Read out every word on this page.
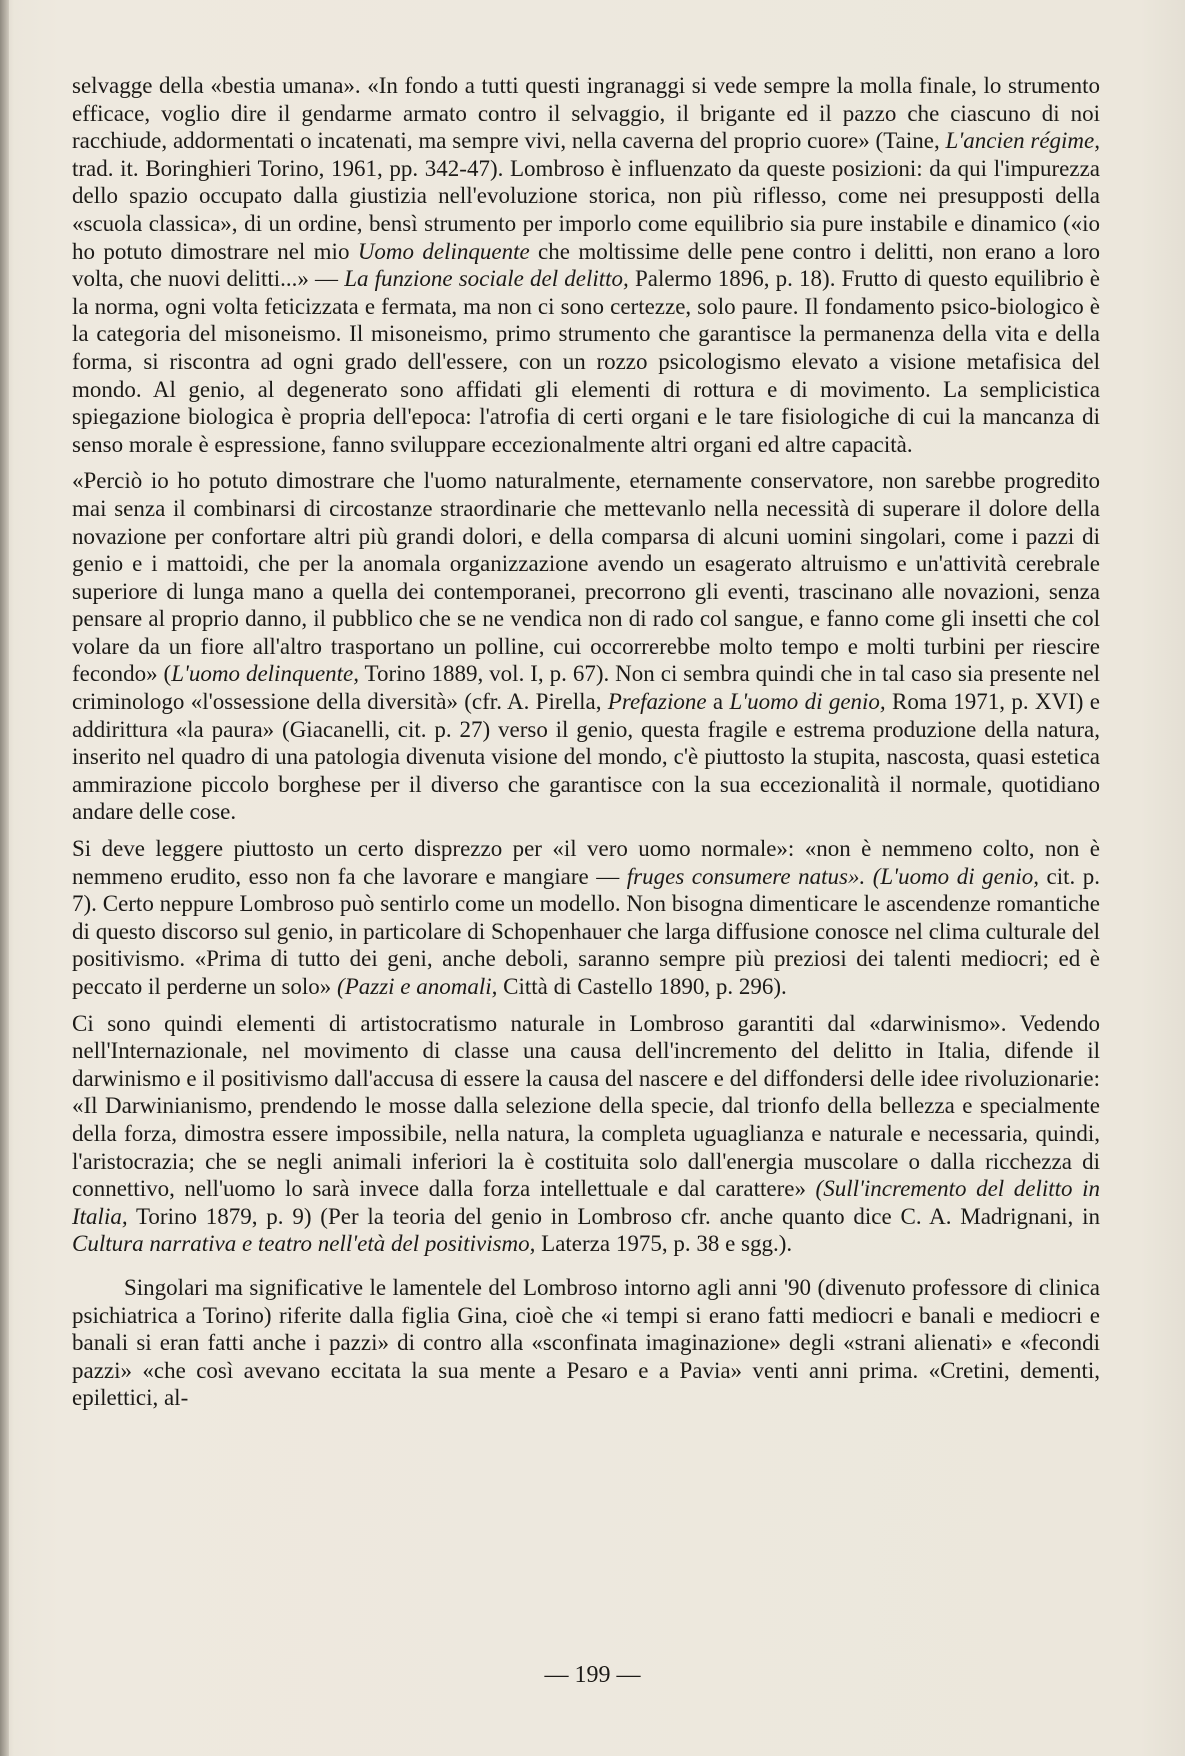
selvagge della «bestia umana». «In fondo a tutti questi ingranaggi si vede sempre la molla finale, lo strumento efficace, voglio dire il gendarme armato contro il selvaggio, il brigante ed il pazzo che ciascuno di noi racchiude, addormentati o incatenati, ma sempre vivi, nella caverna del proprio cuore» (Taine, L'ancien régime, trad. it. Boringhieri Torino, 1961, pp. 342-47). Lombroso è influenzato da queste posizioni: da qui l'impurezza dello spazio occupato dalla giustizia nell'evoluzione storica, non più riflesso, come nei presupposti della «scuola classica», di un ordine, bensì strumento per imporlo come equilibrio sia pure instabile e dinamico («io ho potuto dimostrare nel mio Uomo delinquente che moltissime delle pene contro i delitti, non erano a loro volta, che nuovi delitti...» — La funzione sociale del delitto, Palermo 1896, p. 18). Frutto di questo equilibrio è la norma, ogni volta feticizzata e fermata, ma non ci sono certezze, solo paure. Il fondamento psico-biologico è la categoria del misoneismo. Il misoneismo, primo strumento che garantisce la permanenza della vita e della forma, si riscontra ad ogni grado dell'essere, con un rozzo psicologismo elevato a visione metafisica del mondo. Al genio, al degenerato sono affidati gli elementi di rottura e di movimento. La semplicistica spiegazione biologica è propria dell'epoca: l'atrofia di certi organi e le tare fisiologiche di cui la mancanza di senso morale è espressione, fanno sviluppare eccezionalmente altri organi ed altre capacità.

«Perciò io ho potuto dimostrare che l'uomo naturalmente, eternamente conservatore, non sarebbe progredito mai senza il combinarsi di circostanze straordinarie che mettevanlo nella necessità di superare il dolore della novazione per confortare altri più grandi dolori, e della comparsa di alcuni uomini singolari, come i pazzi di genio e i mattoidi, che per la anomala organizzazione avendo un esagerato altruismo e un'attività cerebrale superiore di lunga mano a quella dei contemporanei, precorrono gli eventi, trascinano alle novazioni, senza pensare al proprio danno, il pubblico che se ne vendica non di rado col sangue, e fanno come gli insetti che col volare da un fiore all'altro trasportano un polline, cui occorrerebbe molto tempo e molti turbini per riescire fecondo» (L'uomo delinquente, Torino 1889, vol. I, p. 67). Non ci sembra quindi che in tal caso sia presente nel criminologo «l'ossessione della diversità» (cfr. A. Pirella, Prefazione a L'uomo di genio, Roma 1971, p. XVI) e addirittura «la paura» (Giacanelli, cit. p. 27) verso il genio, questa fragile e estrema produzione della natura, inserito nel quadro di una patologia divenuta visione del mondo, c'è piuttosto la stupita, nascosta, quasi estetica ammirazione piccolo borghese per il diverso che garantisce con la sua eccezionalità il normale, quotidiano andare delle cose.

Si deve leggere piuttosto un certo disprezzo per «il vero uomo normale»: «non è nemmeno colto, non è nemmeno erudito, esso non fa che lavorare e mangiare — fruges consumere natus». (L'uomo di genio, cit. p. 7). Certo neppure Lombroso può sentirlo come un modello. Non bisogna dimenticare le ascendenze romantiche di questo discorso sul genio, in particolare di Schopenhauer che larga diffusione conosce nel clima culturale del positivismo. «Prima di tutto dei geni, anche deboli, saranno sempre più preziosi dei talenti mediocri; ed è peccato il perderne un solo» (Pazzi e anomali, Città di Castello 1890, p. 296).

Ci sono quindi elementi di artistocratismo naturale in Lombroso garantiti dal «darwinismo». Vedendo nell'Internazionale, nel movimento di classe una causa dell'incremento del delitto in Italia, difende il darwinismo e il positivismo dall'accusa di essere la causa del nascere e del diffondersi delle idee rivoluzionarie: «Il Darwinianismo, prendendo le mosse dalla selezione della specie, dal trionfo della bellezza e specialmente della forza, dimostra essere impossibile, nella natura, la completa uguaglianza e naturale e necessaria, quindi, l'aristocrazia; che se negli animali inferiori la è costituita solo dall'energia muscolare o dalla ricchezza di connettivo, nell'uomo lo sarà invece dalla forza intellettuale e dal carattere» (Sull'incremento del delitto in Italia, Torino 1879, p. 9) (Per la teoria del genio in Lombroso cfr. anche quanto dice C. A. Madrignani, in Cultura narrativa e teatro nell'età del positivismo, Laterza 1975, p. 38 e sgg.).

Singolari ma significative le lamentele del Lombroso intorno agli anni '90 (divenuto professore di clinica psichiatrica a Torino) riferite dalla figlia Gina, cioè che «i tempi si erano fatti mediocri e banali e mediocri e banali si eran fatti anche i pazzi» di contro alla «sconfinata imaginazione» degli «strani alienati» e «fecondi pazzi» «che così avevano eccitata la sua mente a Pesaro e a Pavia» venti anni prima. «Cretini, dementi, epilettici, al-

— 199 —
